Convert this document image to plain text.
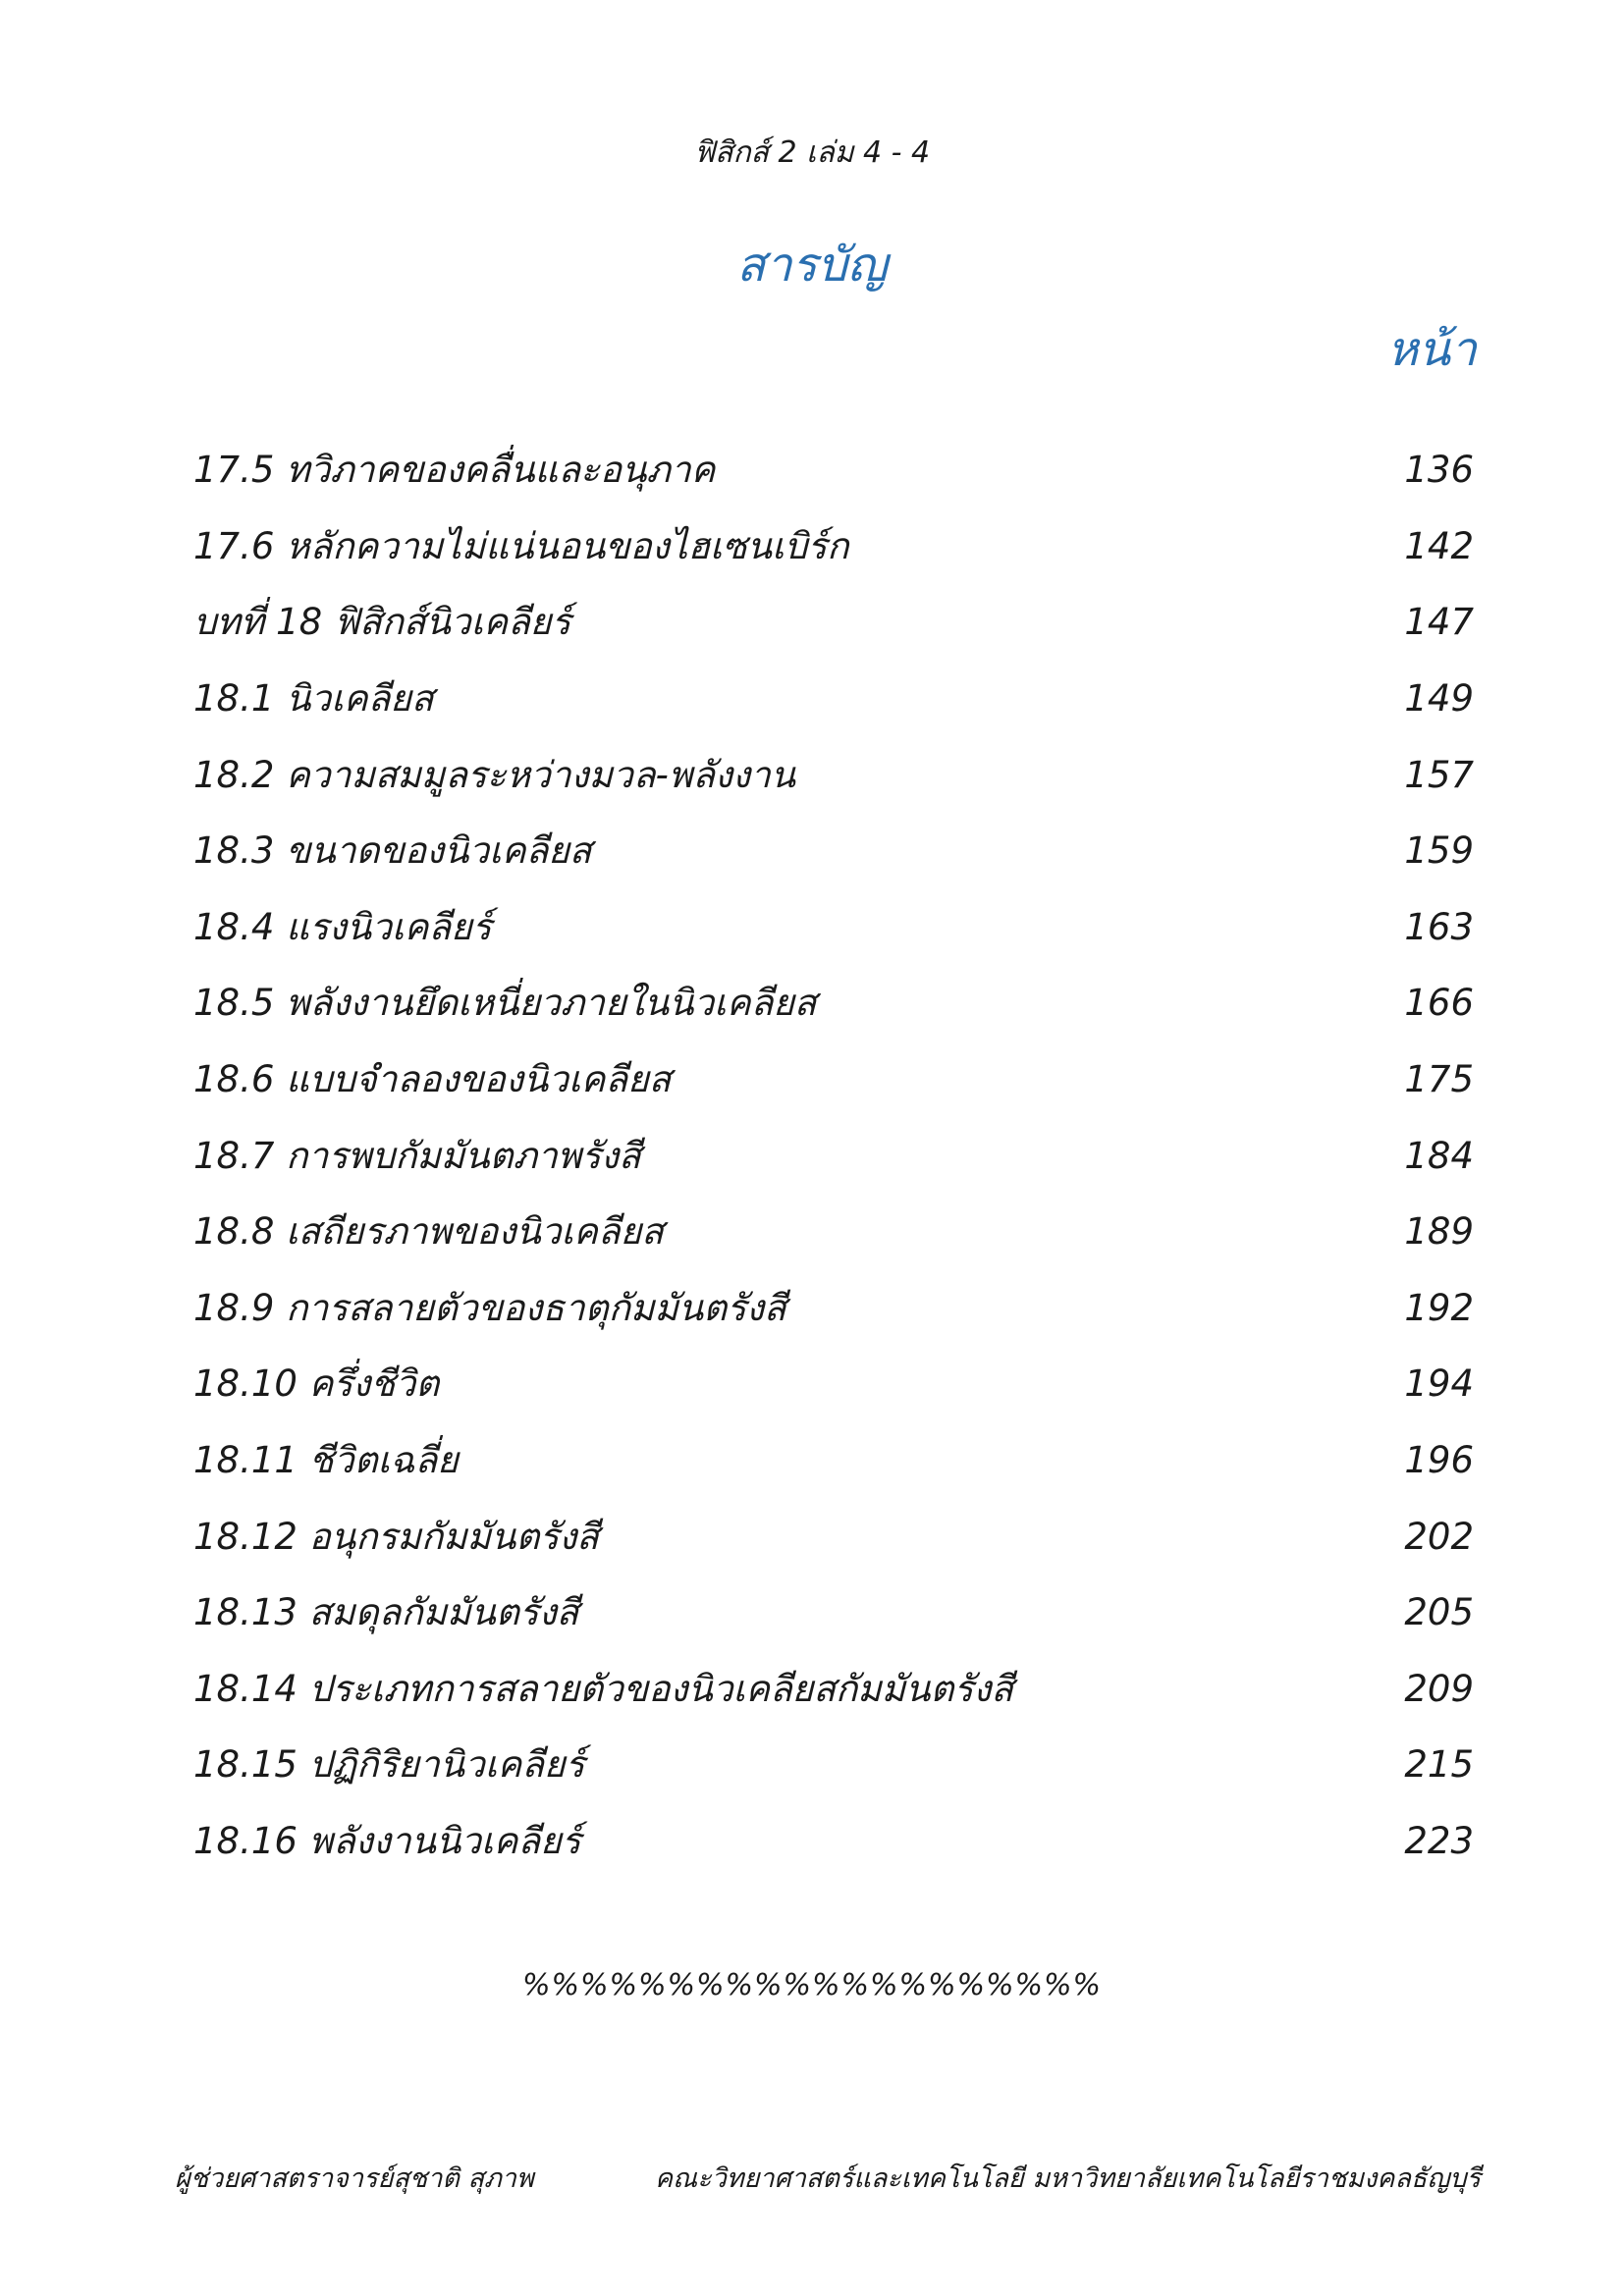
ฟิสิกส์ 2 เล่ม 4 - 4
สารบัญ
หน้า
17.5 ทวิภาคของคลื่นและอนุภาค	136
17.6 หลักความไม่แน่นอนของไฮเซนเบิร์ก	142
บทที่ 18 ฟิสิกส์นิวเคลียร์	147
18.1 นิวเคลียส	149
18.2 ความสมมูลระหว่างมวล-พลังงาน	157
18.3 ขนาดของนิวเคลียส	159
18.4 แรงนิวเคลียร์	163
18.5 พลังงานยึดเหนี่ยวภายในนิวเคลียส	166
18.6 แบบจำลองของนิวเคลียส	175
18.7 การพบกัมมันตภาพรังสี	184
18.8 เสถียรภาพของนิวเคลียส	189
18.9 การสลายตัวของธาตุกัมมันตรังสี	192
18.10 ครึ่งชีวิต	194
18.11 ชีวิตเฉลี่ย	196
18.12 อนุกรมกัมมันตรังสี	202
18.13 สมดุลกัมมันตรังสี	205
18.14 ประเภทการสลายตัวของนิวเคลียสกัมมันตรังสี	209
18.15 ปฏิกิริยานิวเคลียร์	215
18.16 พลังงานนิวเคลียร์	223
%%%%%%%%%%%%%%%%%%%%
ผู้ช่วยศาสตราจารย์สุชาติ สุภาพ	คณะวิทยาศาสตร์และเทคโนโลยี มหาวิทยาลัยเทคโนโลยีราชมงคลธัญบุรี
